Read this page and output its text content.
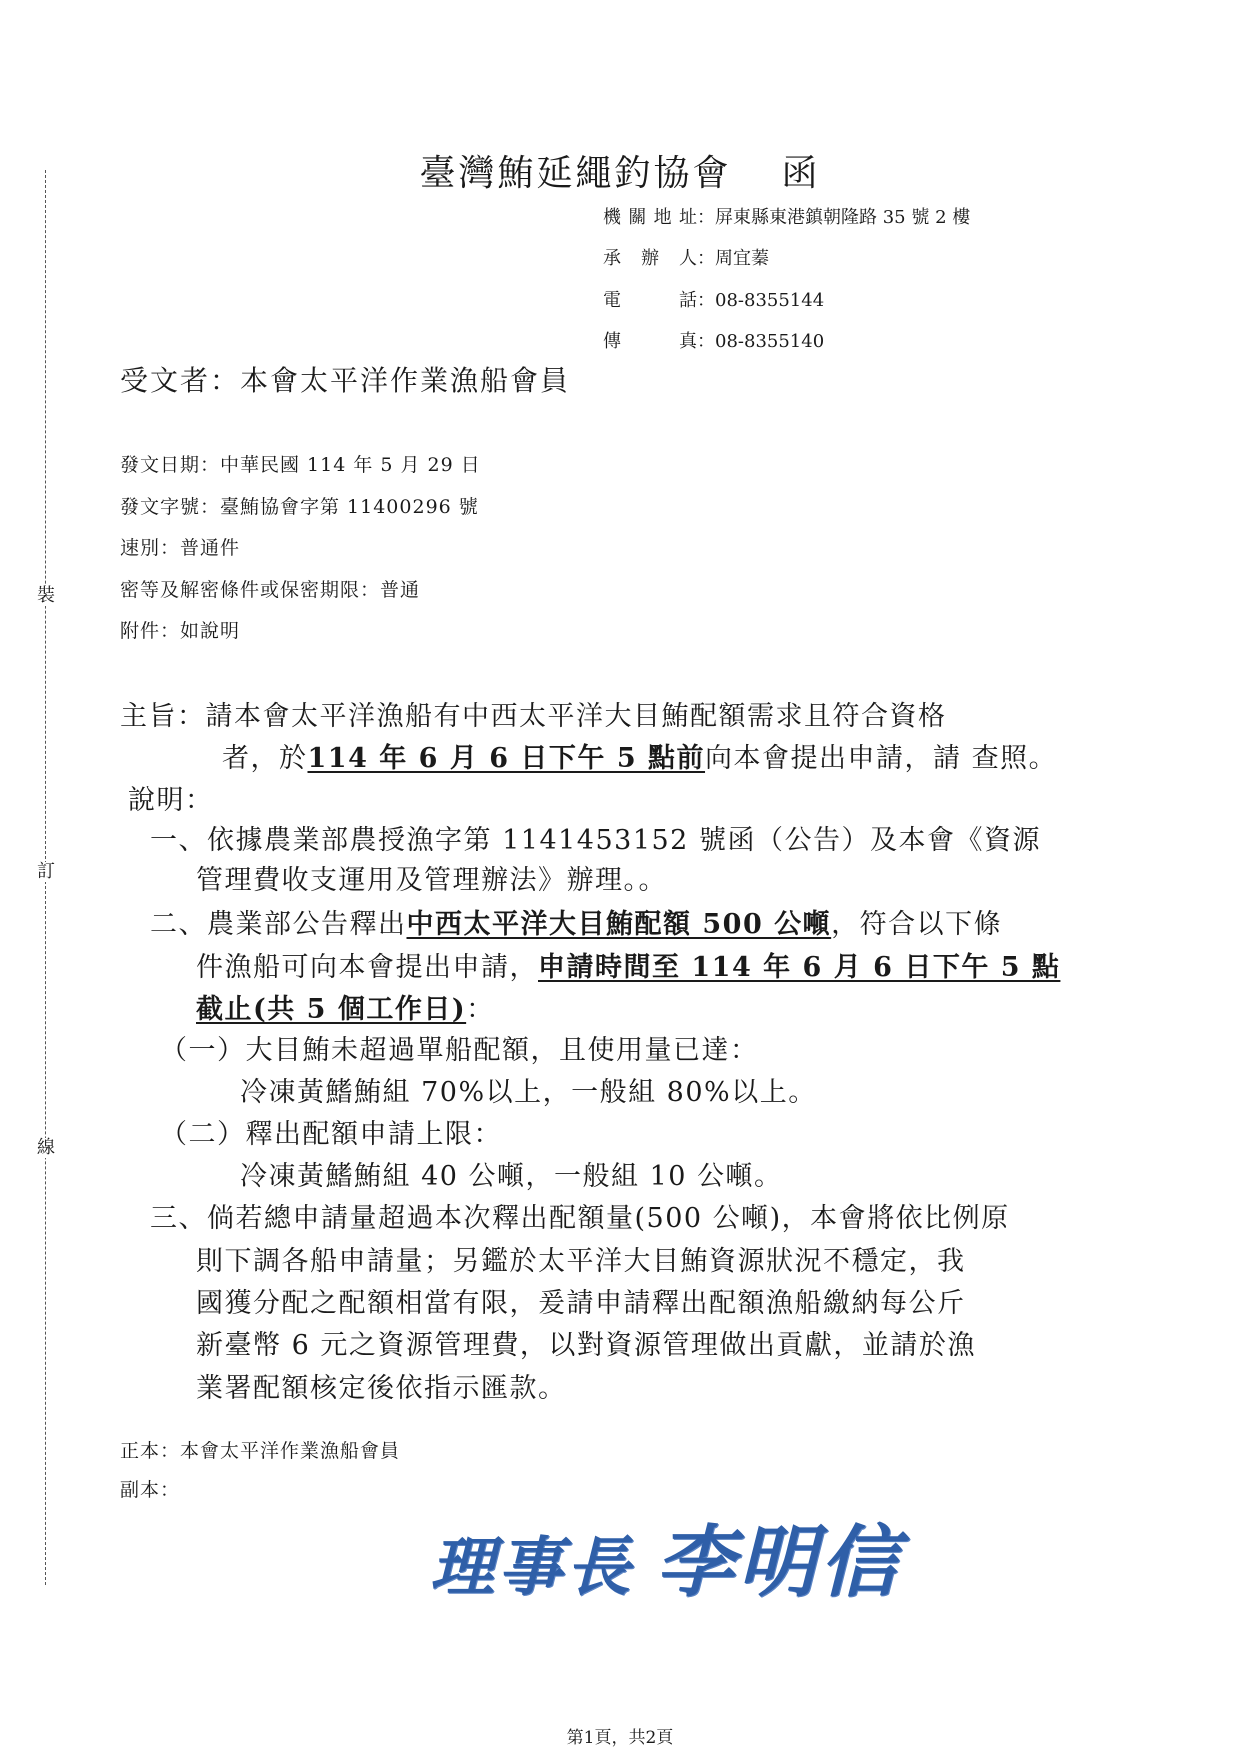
裝
訂
線
臺灣鮪延繩釣協會 函
機關地址：屏東縣東港鎮朝隆路 35 號 2 樓
承 辦 人：周宜蓁
電　　話：08-8355144
傳　　真：08-8355140
受文者：本會太平洋作業漁船會員
發文日期：中華民國 114 年 5 月 29 日
發文字號：臺鮪協會字第 11400296 號
速別：普通件
密等及解密條件或保密期限：普通
附件：如說明
主旨：請本會太平洋漁船有中西太平洋大目鮪配額需求且符合資格
者，於114 年 6 月 6 日下午 5 點前向本會提出申請，請 查照。
說明：
一、依據農業部農授漁字第 1141453152 號函（公告）及本會《資源
管理費收支運用及管理辦法》辦理。。
二、農業部公告釋出中西太平洋大目鮪配額 500 公噸，符合以下條
件漁船可向本會提出申請，申請時間至 114 年 6 月 6 日下午 5 點
截止(共 5 個工作日)：
（一）大目鮪未超過單船配額，且使用量已達：
冷凍黃鰭鮪組 70%以上，一般組 80%以上。
（二）釋出配額申請上限：
冷凍黃鰭鮪組 40 公噸，一般組 10 公噸。
三、倘若總申請量超過本次釋出配額量(500 公噸)，本會將依比例原
則下調各船申請量；另鑑於太平洋大目鮪資源狀況不穩定，我
國獲分配之配額相當有限，爰請申請釋出配額漁船繳納每公斤
新臺幣 6 元之資源管理費，以對資源管理做出貢獻，並請於漁
業署配額核定後依指示匯款。
正本：本會太平洋作業漁船會員
副本：
理事長 李明信
第1頁，共2頁
